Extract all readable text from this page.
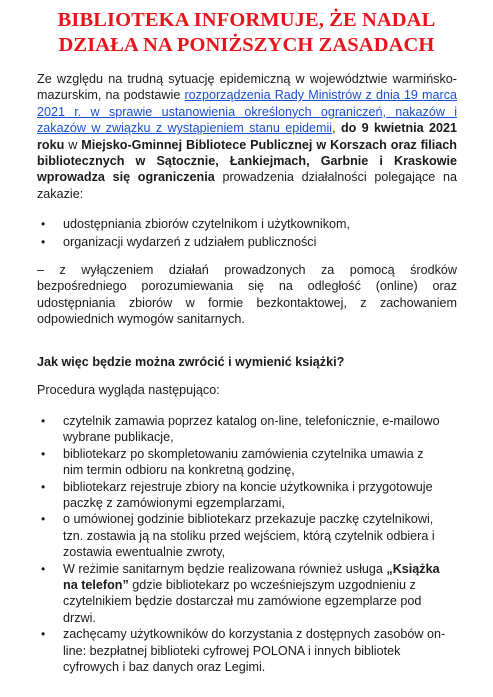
BIBLIOTEKA INFORMUJE, ŻE NADAL
DZIAŁA NA PONIŻSZYCH ZASADACH
Ze względu na trudną sytuację epidemiczną w województwie warmińsko-mazurskim, na podstawie rozporządzenia Rady Ministrów z dnia 19 marca 2021 r. w sprawie ustanowienia określonych ograniczeń, nakazów i zakazów w związku z wystąpieniem stanu epidemii, do 9 kwietnia 2021 roku w Miejsko-Gminnej Bibliotece Publicznej w Korszach oraz filiach bibliotecznych w Sątocznie, Łankiejmach, Garbnie i Kraskowie wprowadza się ograniczenia prowadzenia działalności polegające na zakazie:
• udostępniania zbiorów czytelnikom i użytkownikom,
• organizacji wydarzeń z udziałem publiczności
– z wyłączeniem działań prowadzonych za pomocą środków bezpośredniego porozumiewania się na odległość (online) oraz udostępniania zbiorów w formie bezkontaktowej, z zachowaniem odpowiednich wymogów sanitarnych.
Jak więc będzie można zwrócić i wymienić książki?
Procedura wygląda następująco:
• czytelnik zamawia poprzez katalog on-line, telefonicznie, e-mailowo wybrane publikacje,
• bibliotekarz po skompletowaniu zamówienia czytelnika umawia z nim termin odbioru na konkretną godzinę,
• bibliotekarz rejestruje zbiory na koncie użytkownika i przygotowuje paczkę z zamówionymi egzemplarzami,
• o umówionej godzinie bibliotekarz przekazuje paczkę czytelnikowi, tzn. zostawia ją na stoliku przed wejściem, którą czytelnik odbiera i zostawia ewentualnie zwroty,
• W reżimie sanitarnym będzie realizowana również usługa „Książka na telefon” gdzie bibliotekarz po wcześniejszym uzgodnieniu z czytelnikiem będzie dostarczał mu zamówione egzemplarze pod drzwi.
• zachęcamy użytkowników do korzystania z dostępnych zasobów on-line: bezpłatnej biblioteki cyfrowej POLONA i innych bibliotek cyfrowych i baz danych oraz Legimi.
